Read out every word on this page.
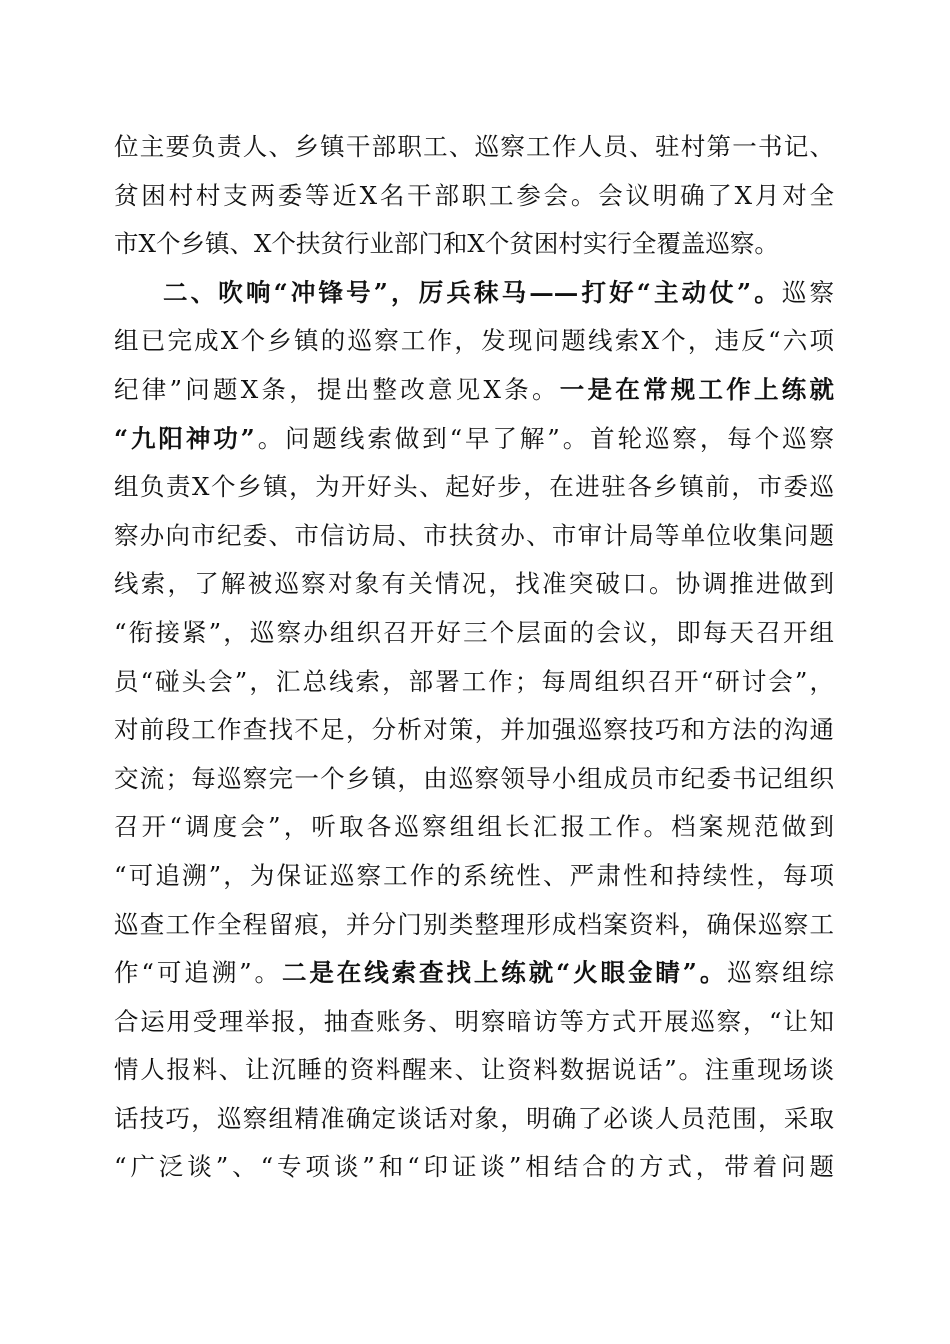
位主要负责人、乡镇干部职工、巡察工作人员、驻村第一书记、
贫困村村支两委等近X名干部职工参会。会议明确了X月对全
市X个乡镇、X个扶贫行业部门和X个贫困村实行全覆盖巡察。
二、吹响“冲锋号”，厉兵秣马——打好“主动仗”。巡察
组已完成X个乡镇的巡察工作，发现问题线索X个，违反“六项
纪律”问题X条，提出整改意见X条。一是在常规工作上练就
“九阳神功”。问题线索做到“早了解”。首轮巡察，每个巡察
组负责X个乡镇，为开好头、起好步，在进驻各乡镇前，市委巡
察办向市纪委、市信访局、市扶贫办、市审计局等单位收集问题
线索，了解被巡察对象有关情况，找准突破口。协调推进做到
“衔接紧”，巡察办组织召开好三个层面的会议，即每天召开组
员“碰头会”，汇总线索，部署工作；每周组织召开“研讨会”，
对前段工作查找不足，分析对策，并加强巡察技巧和方法的沟通
交流；每巡察完一个乡镇，由巡察领导小组成员市纪委书记组织
召开“调度会”，听取各巡察组组长汇报工作。档案规范做到
“可追溯”，为保证巡察工作的系统性、严肃性和持续性，每项
巡查工作全程留痕，并分门别类整理形成档案资料，确保巡察工
作“可追溯”。二是在线索查找上练就“火眼金睛”。巡察组综
合运用受理举报，抽查账务、明察暗访等方式开展巡察，“让知
情人报料、让沉睡的资料醒来、让资料数据说话”。注重现场谈
话技巧，巡察组精准确定谈话对象，明确了必谈人员范围，采取
“广泛谈”、“专项谈”和“印证谈”相结合的方式，带着问题
